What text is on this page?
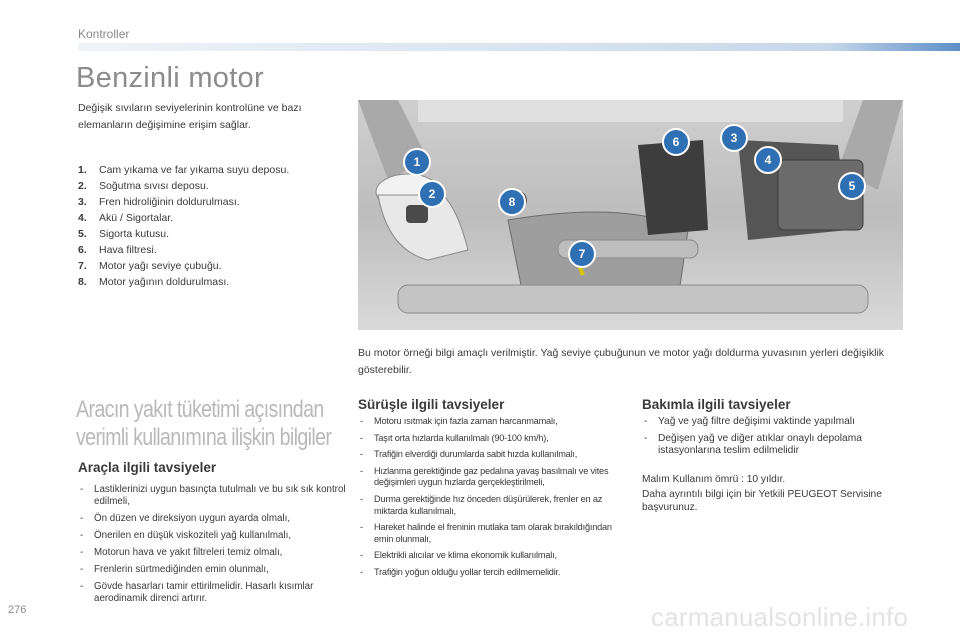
Kontroller
Benzinli motor
Değişik sıvıların seviyelerinin kontrolüne ve bazı elemanların değişimine erişim sağlar.
1. Cam yıkama ve far yıkama suyu deposu.
2. Soğutma sıvısı deposu.
3. Fren hidroliğinin doldurulması.
4. Akü / Sigortalar.
5. Sigorta kutusu.
6. Hava filtresi.
7. Motor yağı seviye çubuğu.
8. Motor yağının doldurulması.
1
2
3
4
5
6
7
8
Bu motor örneği bilgi amaçlı verilmiştir. Yağ seviye çubuğunun ve motor yağı doldurma yuvasının yerleri değişiklik gösterebilir.
Aracın yakıt tüketimi açısından
verimli kullanımına ilişkin bilgiler
Araçla ilgili tavsiyeler
- Lastiklerinizi uygun basınçta tutulmalı ve bu sık sık kontrol edilmeli,
- Ön düzen ve direksiyon uygun ayarda olmalı,
- Önerilen en düşük viskoziteli yağ kullanılmalı,
- Motorun hava ve yakıt filtreleri temiz olmalı,
- Frenlerin sürtmediğinden emin olunmalı,
- Gövde hasarları tamir ettirilmelidir. Hasarlı kısımlar aerodinamik direnci artırır.
Sürüşle ilgili tavsiyeler
- Motoru ısıtmak için fazla zaman harcanmamalı,
- Taşıt orta hızlarda kullanılmalı (90-100 km/h),
- Trafiğin elverdiği durumlarda sabit hızda kullanılmalı,
- Hızlanma gerektiğinde gaz pedalına yavaş basılmalı ve vites değişimleri uygun hızlarda gerçekleştirilmeli,
- Durma gerektiğinde hız önceden düşürülerek, frenler en az miktarda kullanılmalı,
- Hareket halinde el freninin mutlaka tam olarak bırakıldığından emin olunmalı,
- Elektrikli alıcılar ve klima ekonomik kullanılmalı,
- Trafiğin yoğun olduğu yollar tercih edilmemelidir.
Bakımla ilgili tavsiyeler
- Yağ ve yağ filtre değişimi vaktinde yapılmalı
- Değişen yağ ve diğer atıklar onaylı depolama istasyonlarına teslim edilmelidir
Malım Kullanım ömrü : 10 yıldır.
Daha ayrıntılı bilgi için bir Yetkili PEUGEOT Servisine başvurunuz.
276	carmanualsonline.info
